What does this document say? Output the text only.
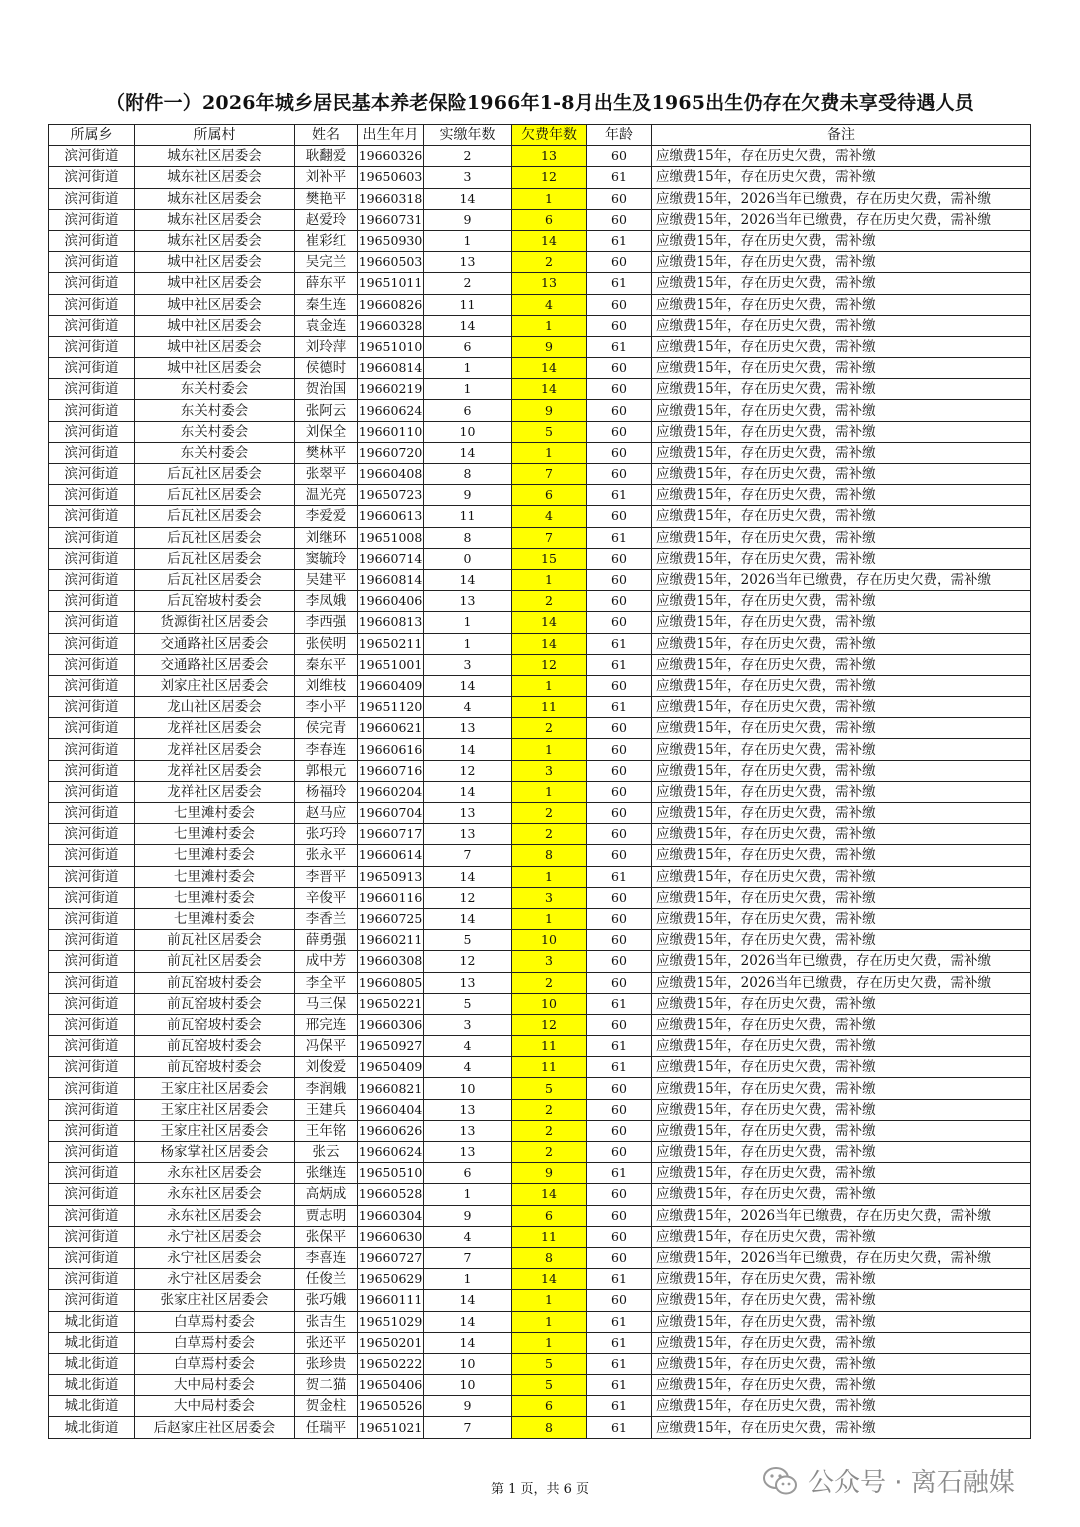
（附件一）2026年城乡居民基本养老保险1966年1-8月出生及1965出生仍存在欠费未享受待遇人员
所属乡	所属村	姓名	出生年月	实缴年数	欠费年数	年龄	备注
滨河街道	城东社区居委会	耿翻爱	19660326	2	13	60	应缴费15年，存在历史欠费，需补缴
滨河街道	城东社区居委会	刘补平	19650603	3	12	61	应缴费15年，存在历史欠费，需补缴
滨河街道	城东社区居委会	樊艳平	19660318	14	1	60	应缴费15年，2026当年已缴费，存在历史欠费，需补缴
滨河街道	城东社区居委会	赵爱玲	19660731	9	6	60	应缴费15年，2026当年已缴费，存在历史欠费，需补缴
滨河街道	城东社区居委会	崔彩红	19650930	1	14	61	应缴费15年，存在历史欠费，需补缴
滨河街道	城中社区居委会	吴完兰	19660503	13	2	60	应缴费15年，存在历史欠费，需补缴
滨河街道	城中社区居委会	薛东平	19651011	2	13	61	应缴费15年，存在历史欠费，需补缴
滨河街道	城中社区居委会	秦生连	19660826	11	4	60	应缴费15年，存在历史欠费，需补缴
滨河街道	城中社区居委会	袁金连	19660328	14	1	60	应缴费15年，存在历史欠费，需补缴
滨河街道	城中社区居委会	刘玲萍	19651010	6	9	61	应缴费15年，存在历史欠费，需补缴
滨河街道	城中社区居委会	侯德时	19660814	1	14	60	应缴费15年，存在历史欠费，需补缴
滨河街道	东关村委会	贺治国	19660219	1	14	60	应缴费15年，存在历史欠费，需补缴
滨河街道	东关村委会	张阿云	19660624	6	9	60	应缴费15年，存在历史欠费，需补缴
滨河街道	东关村委会	刘保全	19660110	10	5	60	应缴费15年，存在历史欠费，需补缴
滨河街道	东关村委会	樊林平	19660720	14	1	60	应缴费15年，存在历史欠费，需补缴
滨河街道	后瓦社区居委会	张翠平	19660408	8	7	60	应缴费15年，存在历史欠费，需补缴
滨河街道	后瓦社区居委会	温光亮	19650723	9	6	61	应缴费15年，存在历史欠费，需补缴
滨河街道	后瓦社区居委会	李爱爱	19660613	11	4	60	应缴费15年，存在历史欠费，需补缴
滨河街道	后瓦社区居委会	刘继环	19651008	8	7	61	应缴费15年，存在历史欠费，需补缴
滨河街道	后瓦社区居委会	窦毓玲	19660714	0	15	60	应缴费15年，存在历史欠费，需补缴
滨河街道	后瓦社区居委会	吴建平	19660814	14	1	60	应缴费15年，2026当年已缴费，存在历史欠费，需补缴
滨河街道	后瓦窑坡村委会	李凤娥	19660406	13	2	60	应缴费15年，存在历史欠费，需补缴
滨河街道	货源街社区居委会	李西强	19660813	1	14	60	应缴费15年，存在历史欠费，需补缴
滨河街道	交通路社区居委会	张侯明	19650211	1	14	61	应缴费15年，存在历史欠费，需补缴
滨河街道	交通路社区居委会	秦东平	19651001	3	12	61	应缴费15年，存在历史欠费，需补缴
滨河街道	刘家庄社区居委会	刘维枝	19660409	14	1	60	应缴费15年，存在历史欠费，需补缴
滨河街道	龙山社区居委会	李小平	19651120	4	11	61	应缴费15年，存在历史欠费，需补缴
滨河街道	龙祥社区居委会	侯完青	19660621	13	2	60	应缴费15年，存在历史欠费，需补缴
滨河街道	龙祥社区居委会	李春连	19660616	14	1	60	应缴费15年，存在历史欠费，需补缴
滨河街道	龙祥社区居委会	郭根元	19660716	12	3	60	应缴费15年，存在历史欠费，需补缴
滨河街道	龙祥社区居委会	杨福玲	19660204	14	1	60	应缴费15年，存在历史欠费，需补缴
滨河街道	七里滩村委会	赵马应	19660704	13	2	60	应缴费15年，存在历史欠费，需补缴
滨河街道	七里滩村委会	张巧玲	19660717	13	2	60	应缴费15年，存在历史欠费，需补缴
滨河街道	七里滩村委会	张永平	19660614	7	8	60	应缴费15年，存在历史欠费，需补缴
滨河街道	七里滩村委会	李晋平	19650913	14	1	61	应缴费15年，存在历史欠费，需补缴
滨河街道	七里滩村委会	辛俊平	19660116	12	3	60	应缴费15年，存在历史欠费，需补缴
滨河街道	七里滩村委会	李香兰	19660725	14	1	60	应缴费15年，存在历史欠费，需补缴
滨河街道	前瓦社区居委会	薛勇强	19660211	5	10	60	应缴费15年，存在历史欠费，需补缴
滨河街道	前瓦社区居委会	成中芳	19660308	12	3	60	应缴费15年，2026当年已缴费，存在历史欠费，需补缴
滨河街道	前瓦窑坡村委会	李全平	19660805	13	2	60	应缴费15年，2026当年已缴费，存在历史欠费，需补缴
滨河街道	前瓦窑坡村委会	马三保	19650221	5	10	61	应缴费15年，存在历史欠费，需补缴
滨河街道	前瓦窑坡村委会	邢完连	19660306	3	12	60	应缴费15年，存在历史欠费，需补缴
滨河街道	前瓦窑坡村委会	冯保平	19650927	4	11	61	应缴费15年，存在历史欠费，需补缴
滨河街道	前瓦窑坡村委会	刘俊爱	19650409	4	11	61	应缴费15年，存在历史欠费，需补缴
滨河街道	王家庄社区居委会	李润娥	19660821	10	5	60	应缴费15年，存在历史欠费，需补缴
滨河街道	王家庄社区居委会	王建兵	19660404	13	2	60	应缴费15年，存在历史欠费，需补缴
滨河街道	王家庄社区居委会	王年铭	19660626	13	2	60	应缴费15年，存在历史欠费，需补缴
滨河街道	杨家掌社区居委会	张云	19660624	13	2	60	应缴费15年，存在历史欠费，需补缴
滨河街道	永东社区居委会	张继连	19650510	6	9	61	应缴费15年，存在历史欠费，需补缴
滨河街道	永东社区居委会	高炳成	19660528	1	14	60	应缴费15年，存在历史欠费，需补缴
滨河街道	永东社区居委会	贾志明	19660304	9	6	60	应缴费15年，2026当年已缴费，存在历史欠费，需补缴
滨河街道	永宁社区居委会	张保平	19660630	4	11	60	应缴费15年，存在历史欠费，需补缴
滨河街道	永宁社区居委会	李喜连	19660727	7	8	60	应缴费15年，2026当年已缴费，存在历史欠费，需补缴
滨河街道	永宁社区居委会	任俊兰	19650629	1	14	61	应缴费15年，存在历史欠费，需补缴
滨河街道	张家庄社区居委会	张巧娥	19660111	14	1	60	应缴费15年，存在历史欠费，需补缴
城北街道	白草焉村委会	张吉生	19651029	14	1	61	应缴费15年，存在历史欠费，需补缴
城北街道	白草焉村委会	张还平	19650201	14	1	61	应缴费15年，存在历史欠费，需补缴
城北街道	白草焉村委会	张珍贵	19650222	10	5	61	应缴费15年，存在历史欠费，需补缴
城北街道	大中局村委会	贺二猫	19650406	10	5	61	应缴费15年，存在历史欠费，需补缴
城北街道	大中局村委会	贺金柱	19650526	9	6	61	应缴费15年，存在历史欠费，需补缴
城北街道	后赵家庄社区居委会	任瑞平	19651021	7	8	61	应缴费15年，存在历史欠费，需补缴
第 1 页，共 6 页	公众号 · 离石融媒
